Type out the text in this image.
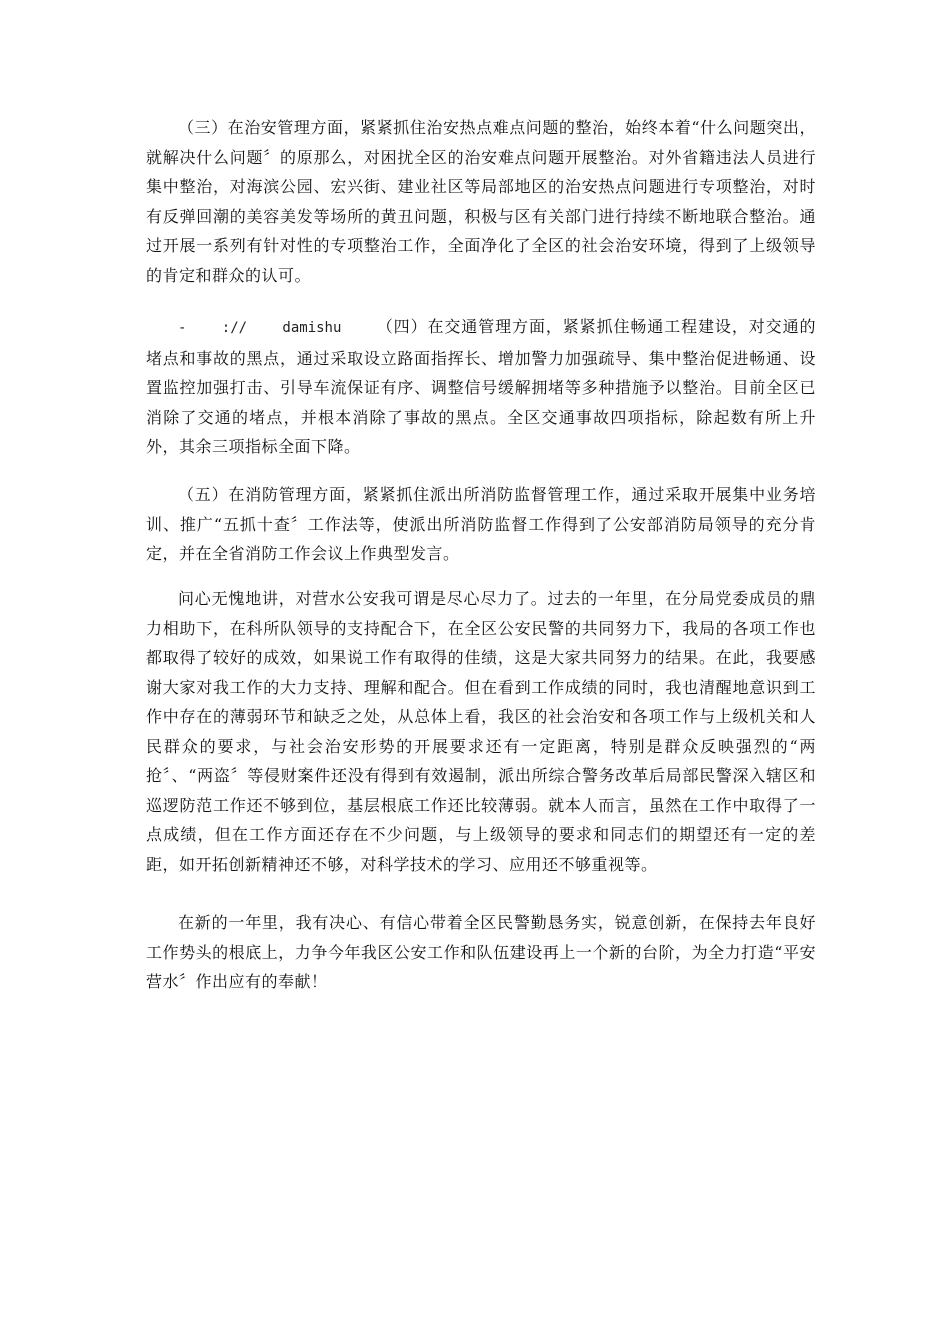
（三）在治安管理方面，紧紧抓住治安热点难点问题的整治，始终本着“什么问题突出，就解决什么问题〞的原那么，对困扰全区的治安难点问题开展整治。对外省籍违法人员进行集中整治，对海滨公园、宏兴街、建业社区等局部地区的治安热点问题进行专项整治，对时有反弹回潮的美容美发等场所的黄丑问题，积极与区有关部门进行持续不断地联合整治。通过开展一系列有针对性的专项整治工作，全面净化了全区的社会治安环境，得到了上级领导的肯定和群众的认可。

-    ://    damishu    （四）在交通管理方面，紧紧抓住畅通工程建设，对交通的堵点和事故的黑点，通过采取设立路面指挥长、增加警力加强疏导、集中整治促进畅通、设置监控加强打击、引导车流保证有序、调整信号缓解拥堵等多种措施予以整治。目前全区已消除了交通的堵点，并根本消除了事故的黑点。全区交通事故四项指标，除起数有所上升外，其余三项指标全面下降。

（五）在消防管理方面，紧紧抓住派出所消防监督管理工作，通过采取开展集中业务培训、推广“五抓十查〞工作法等，使派出所消防监督工作得到了公安部消防局领导的充分肯定，并在全省消防工作会议上作典型发言。

问心无愧地讲，对营水公安我可谓是尽心尽力了。过去的一年里，在分局党委成员的鼎力相助下，在科所队领导的支持配合下，在全区公安民警的共同努力下，我局的各项工作也都取得了较好的成效，如果说工作有取得的佳绩，这是大家共同努力的结果。在此，我要感谢大家对我工作的大力支持、理解和配合。但在看到工作成绩的同时，我也清醒地意识到工作中存在的薄弱环节和缺乏之处，从总体上看，我区的社会治安和各项工作与上级机关和人民群众的要求，与社会治安形势的开展要求还有一定距离，特别是群众反映强烈的“两抢〞、“两盗〞等侵财案件还没有得到有效遏制，派出所综合警务改革后局部民警深入辖区和巡逻防范工作还不够到位，基层根底工作还比较薄弱。就本人而言，虽然在工作中取得了一点成绩，但在工作方面还存在不少问题，与上级领导的要求和同志们的期望还有一定的差距，如开拓创新精神还不够，对科学技术的学习、应用还不够重视等。

在新的一年里，我有决心、有信心带着全区民警勤恳务实，锐意创新，在保持去年良好工作势头的根底上，力争今年我区公安工作和队伍建设再上一个新的台阶，为全力打造“平安营水〞作出应有的奉献！
